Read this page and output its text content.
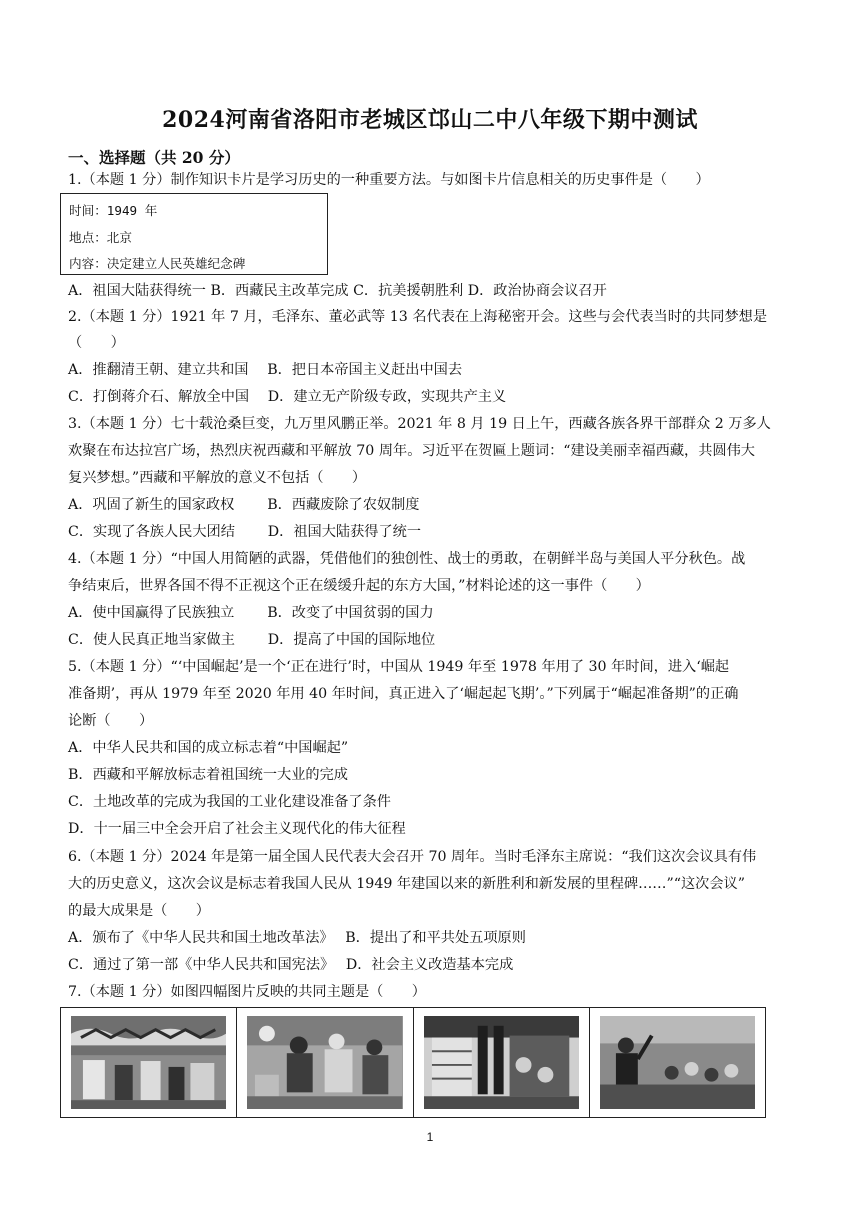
2024河南省洛阳市老城区邙山二中八年级下期中测试
一、选择题（共 20 分）
1.（本题 1 分）制作知识卡片是学习历史的一种重要方法。与如图卡片信息相关的历史事件是（　　）
时间：1949 年
地点：北京
内容：决定建立人民英雄纪念碑
A．祖国大陆获得统一 B．西藏民主改革完成 C．抗美援朝胜利 D．政治协商会议召开
2.（本题 1 分）1921 年 7 月，毛泽东、董必武等 13 名代表在上海秘密开会。这些与会代表当时的共同梦想是
（　　）
A．推翻清王朝、建立共和国　 B．把日本帝国主义赶出中国去
C．打倒蒋介石、解放全中国　 D．建立无产阶级专政，实现共产主义
3.（本题 1 分）七十载沧桑巨变，九万里风鹏正举。2021 年 8 月 19 日上午，西藏各族各界干部群众 2 万多人
欢聚在布达拉宫广场，热烈庆祝西藏和平解放 70 周年。习近平在贺匾上题词：“建设美丽幸福西藏，共圆伟大
复兴梦想。”西藏和平解放的意义不包括（　　）
A．巩固了新生的国家政权　　 B．西藏废除了农奴制度
C．实现了各族人民大团结　　 D．祖国大陆获得了统一
4.（本题 1 分）“中国人用简陋的武器，凭借他们的独创性、战士的勇敢，在朝鲜半岛与美国人平分秋色。战
争结束后，世界各国不得不正视这个正在缓缓升起的东方大国，”材料论述的这一事件（　　）
A．使中国赢得了民族独立　　 B．改变了中国贫弱的国力
C．使人民真正地当家做主　　 D．提高了中国的国际地位
5.（本题 1 分）“‘中国崛起’是一个‘正在进行’时，中国从 1949 年至 1978 年用了 30 年时间，进入‘崛起
准备期’，再从 1979 年至 2020 年用 40 年时间，真正进入了‘崛起起飞期’。”下列属于“崛起准备期”的正确
论断（　　）
A．中华人民共和国的成立标志着“中国崛起”
B．西藏和平解放标志着祖国统一大业的完成
C．土地改革的完成为我国的工业化建设准备了条件
D．十一届三中全会开启了社会主义现代化的伟大征程
6.（本题 1 分）2024 年是第一届全国人民代表大会召开 70 周年。当时毛泽东主席说：“我们这次会议具有伟
大的历史意义，这次会议是标志着我国人民从 1949 年建国以来的新胜利和新发展的里程碑……”“这次会议”
的最大成果是（　　）
A．颁布了《中华人民共和国土地改革法》　 B．提出了和平共处五项原则
C．通过了第一部《中华人民共和国宪法》　 D．社会主义改造基本完成
7.（本题 1 分）如图四幅图片反映的共同主题是（　　）
1
